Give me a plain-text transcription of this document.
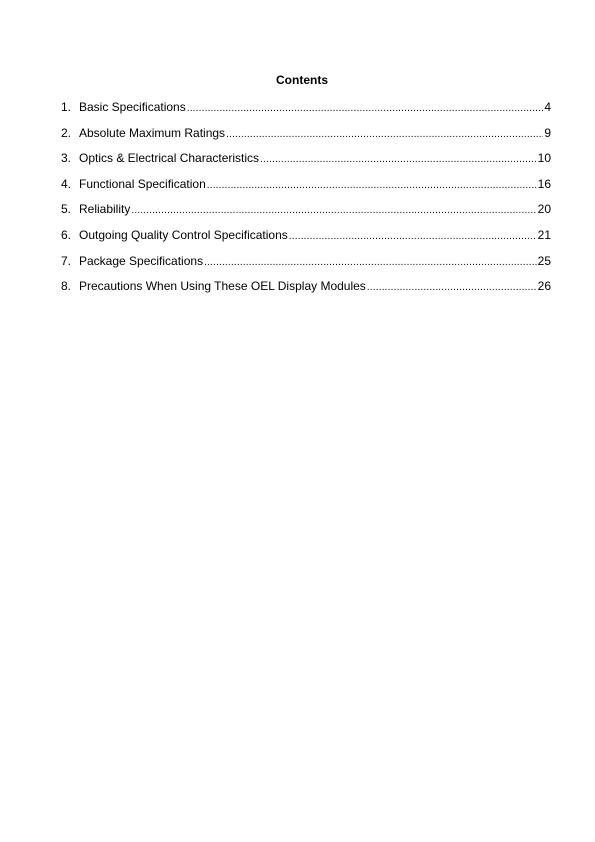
Contents
1. Basic Specifications .....	4
2. Absolute Maximum Ratings .....	9
3. Optics & Electrical Characteristics .....	10
4. Functional Specification .....	16
5. Reliability .....	20
6. Outgoing Quality Control Specifications .....	21
7. Package Specifications .....	25
8. Precautions When Using These OEL Display Modules .....	26
